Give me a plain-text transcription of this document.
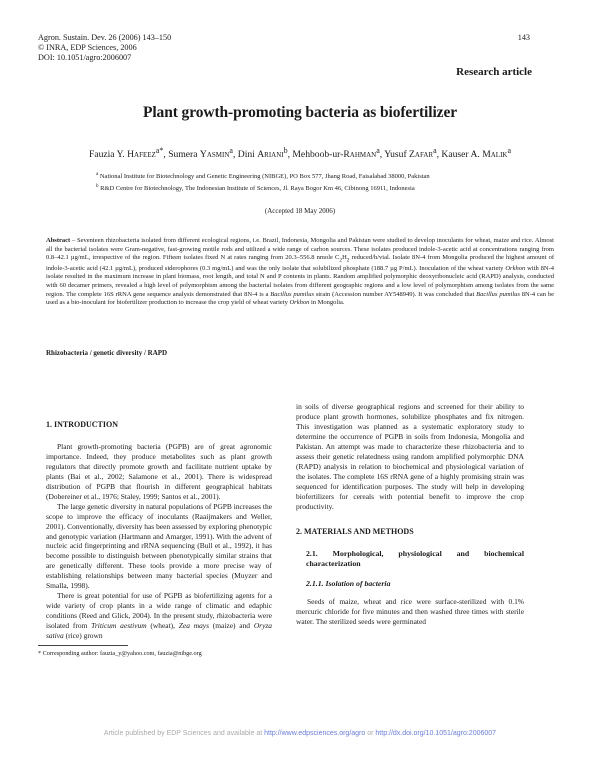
Agron. Sustain. Dev. 26 (2006) 143–150
© INRA, EDP Sciences, 2006
DOI: 10.1051/agro:2006007
143
Research article
Plant growth-promoting bacteria as biofertilizer
Fauzia Y. Hafeez$^{a*}$, Sumera Yasmin$^a$, Dini Ariani$^b$, Mehboob-ur-Rahman$^a$, Yusuf Zafar$^a$, Kauser A. Malik$^a$
$^a$ National Institute for Biotechnology and Genetic Engineering (NIBGE), PO Box 577, Jhang Road, Faisalabad 38000, Pakistan
$^b$ R&D Centre for Biotechnology, The Indonesian Institute of Sciences, Jl. Raya Bogor Km 46, Cibinong 16911, Indonesia
(Accepted 18 May 2006)
Abstract – Seventeen rhizobacteria isolated from different ecological regions, i.e. Brazil, Indonesia, Mongolia and Pakistan were studied to develop inoculants for wheat, maize and rice. Almost all the bacterial isolates were Gram-negative, fast-growing motile rods and utilized a wide range of carbon sources. These isolates produced indole-3-acetic acid at concentrations ranging from 0.8–42.1 µg/mL, irrespective of the region. Fifteen isolates fixed N at rates ranging from 20.3–556.8 nmole $C_2H_2$ reduced/h/vial. Isolate 8N-4 from Mongolia produced the highest amount of indole-3-acetic acid (42.1 µg/mL), produced siderophores (0.3 mg/mL) and was the only isolate that solubilized phosphate (188.7 µg P/mL). Inoculation of the wheat variety Orkhon with 8N-4 isolate resulted in the maximum increase in plant biomass, root length, and total N and P contents in plants. Random amplified polymorphic deoxyribonucleic acid (RAPD) analysis, conducted with 60 decamer primers, revealed a high level of polymorphism among the bacterial isolates from different geographic regions and a low level of polymorphism among isolates from the same region. The complete 16S rRNA gene sequence analysis demonstrated that 8N-4 is a Bacillus pumilus strain (Accession number AY548949). It was concluded that Bacillus pumilus 8N-4 can be used as a bio-inoculant for biofertilizer production to increase the crop yield of wheat variety Orkhon in Mongolia.
Rhizobacteria / genetic diversity / RAPD
1. INTRODUCTION

Plant growth-promoting bacteria (PGPB) are of great agronomic importance. Indeed, they produce metabolites such as plant growth regulators that directly promote growth and facilitate nutrient uptake by plants (Bai et al., 2002; Salamone et al., 2001). There is widespread distribution of PGPB that flourish in different geographical habitats (Dobereiner et al., 1976; Staley, 1999; Santos et al., 2001).

The large genetic diversity in natural populations of PGPB increases the scope to improve the efficacy of inoculants (Raaijmakers and Weller, 2001). Conventionally, diversity has been assessed by exploring phenotypic and genotypic variation (Hartmann and Amarger, 1991). With the advent of nucleic acid fingerprinting and rRNA sequencing (Bull et al., 1992), it has become possible to distinguish between phenotypically similar strains that are genetically different. These tools provide a more precise way of establishing relationships between many bacterial species (Muyzer and Smalla, 1998).

There is great potential for use of PGPB as biofertilizing agents for a wide variety of crop plants in a wide range of climatic and edaphic conditions (Reed and Glick, 2004). In the present study, rhizobacteria were isolated from Triticum aestivum (wheat), Zea mays (maize) and Oryza sativa (rice) grown

in soils of diverse geographical regions and screened for their ability to produce plant growth hormones, solubilize phosphates and fix nitrogen. This investigation was planned as a systematic exploratory study to determine the occurrence of PGPB in soils from Indonesia, Mongolia and Pakistan. An attempt was made to characterize these rhizobacteria and to assess their genetic relatedness using random amplified polymorphic DNA (RAPD) analysis in relation to biochemical and physiological variation of the isolates. The complete 16S rRNA gene of a highly promising strain was sequenced for identification purposes. The study will help in developing biofertilizers for cereals with potential benefit to improve the crop productivity.

2. MATERIALS AND METHODS
2.1. Morphological, physiological and biochemical characterization
2.1.1. Isolation of bacteria

Seeds of maize, wheat and rice were surface-sterilized with 0.1% mercuric chloride for five minutes and then washed three times with sterile water. The sterilized seeds were germinated

* Corresponding author: fauzia_y@yahoo.com, fauzia@nibge.org
Article published by EDP Sciences and available at http://www.edpsciences.org/agro or http://dx.doi.org/10.1051/agro:2006007
